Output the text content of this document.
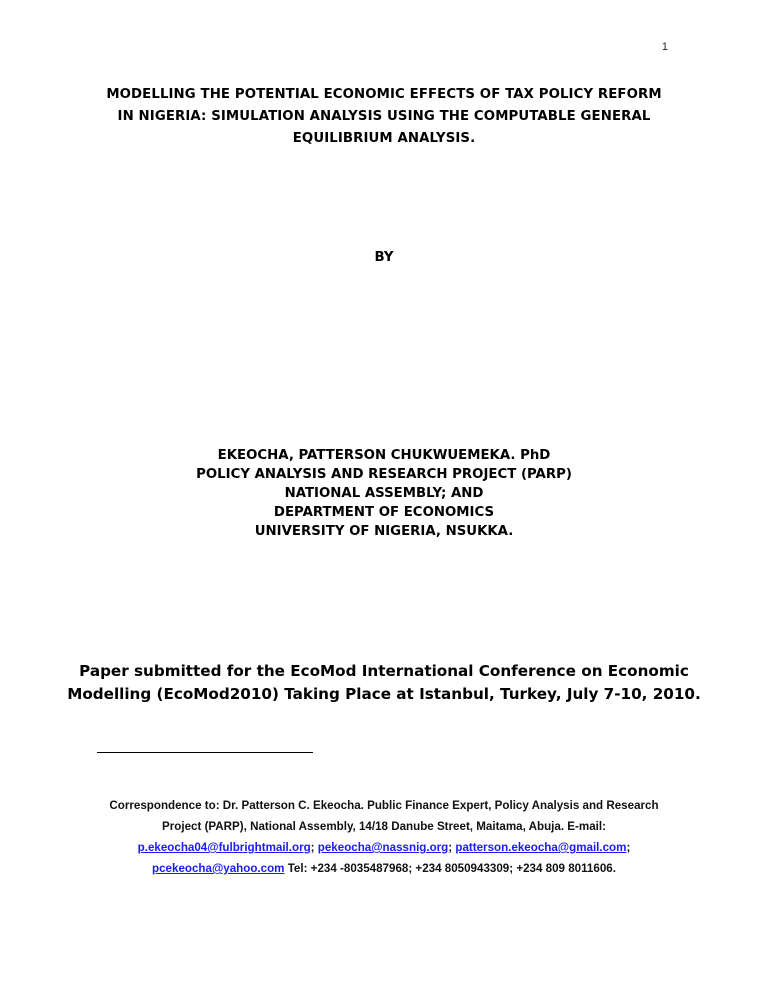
1
MODELLING THE POTENTIAL ECONOMIC EFFECTS OF TAX POLICY REFORM
IN NIGERIA: SIMULATION ANALYSIS USING THE COMPUTABLE GENERAL
EQUILIBRIUM ANALYSIS.
BY
EKEOCHA, PATTERSON CHUKWUEMEKA. PhD
POLICY ANALYSIS AND RESEARCH PROJECT (PARP)
NATIONAL ASSEMBLY; AND
DEPARTMENT OF ECONOMICS
UNIVERSITY OF NIGERIA, NSUKKA.
Paper submitted for the EcoMod International Conference on Economic
Modelling (EcoMod2010) Taking Place at Istanbul, Turkey, July 7-10, 2010.
Correspondence to: Dr. Patterson C. Ekeocha. Public Finance Expert, Policy Analysis and Research
Project (PARP), National Assembly, 14/18 Danube Street, Maitama, Abuja. E-mail:
p.ekeocha04@fulbrightmail.org; pekeocha@nassnig.org; patterson.ekeocha@gmail.com;
pcekeocha@yahoo.com Tel: +234 -8035487968; +234 8050943309; +234 809 8011606.
